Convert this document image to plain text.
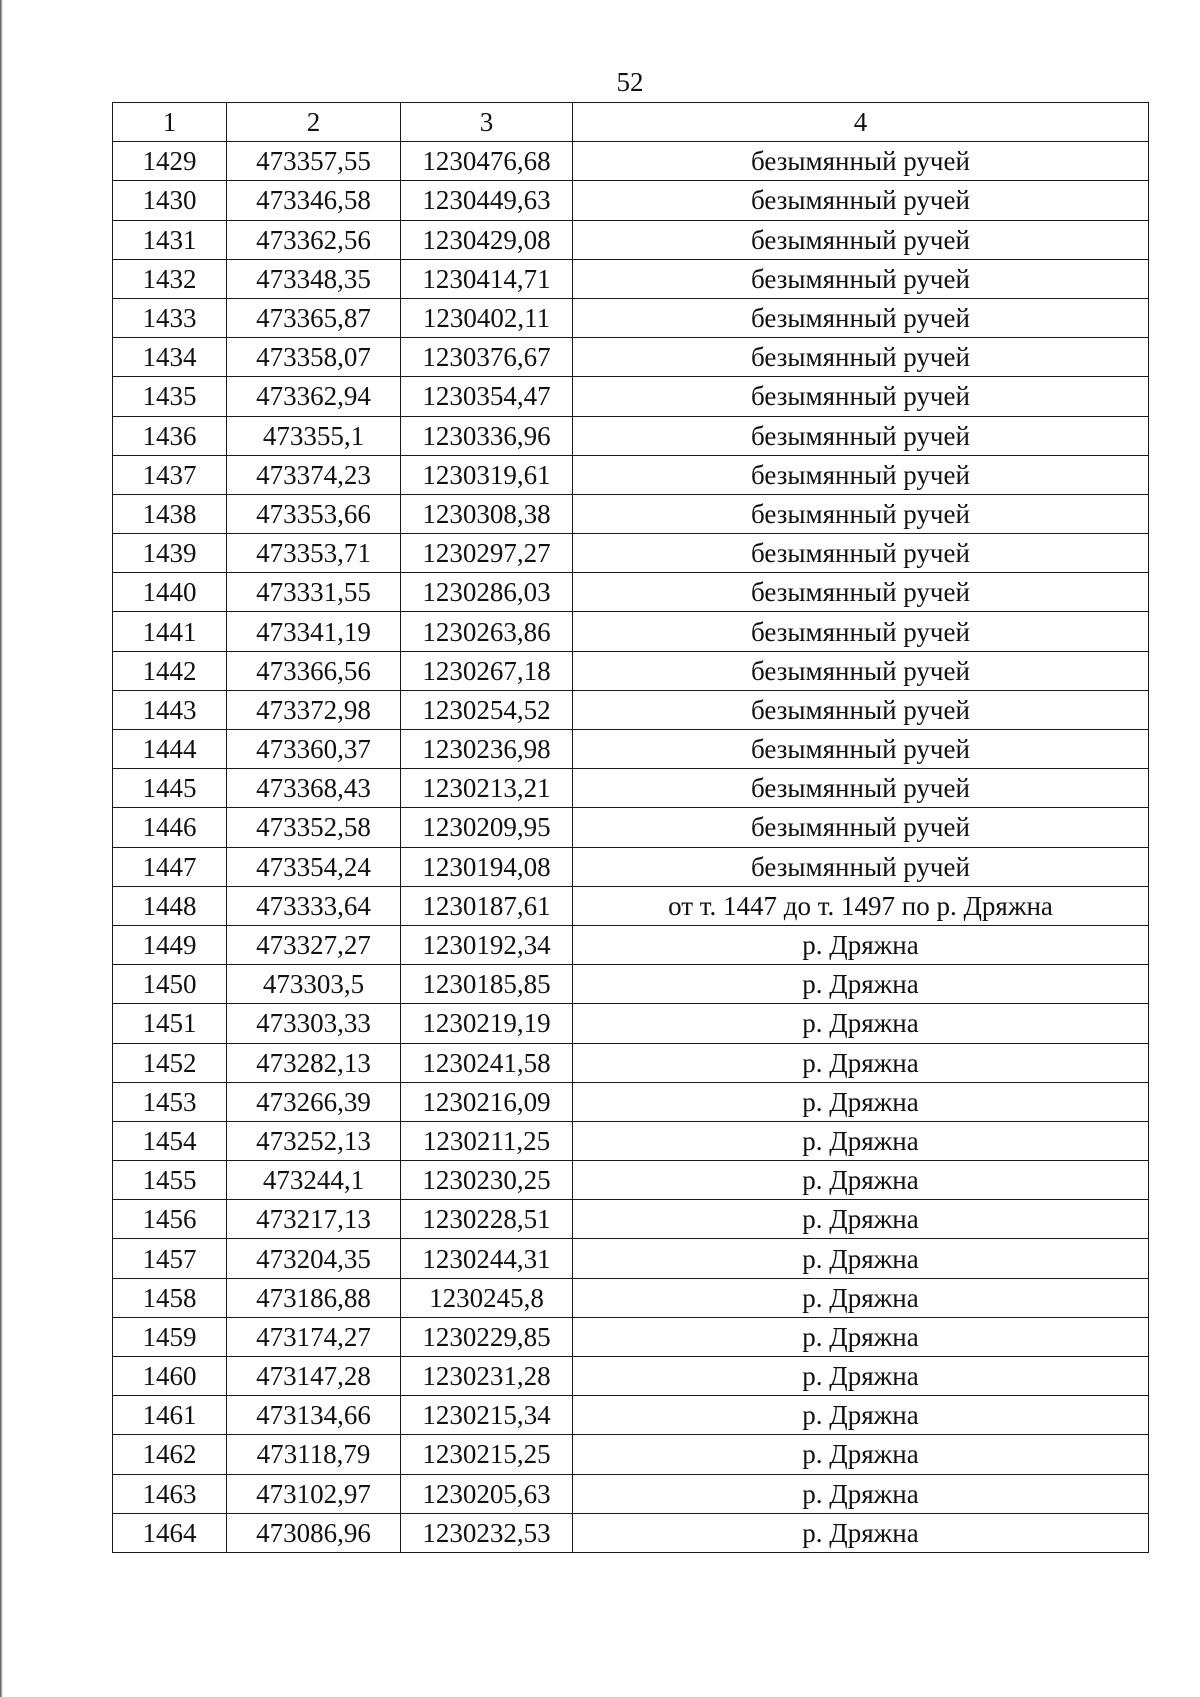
52
1	2	3	4
1429	473357,55	1230476,68	безымянный ручей
1430	473346,58	1230449,63	безымянный ручей
1431	473362,56	1230429,08	безымянный ручей
1432	473348,35	1230414,71	безымянный ручей
1433	473365,87	1230402,11	безымянный ручей
1434	473358,07	1230376,67	безымянный ручей
1435	473362,94	1230354,47	безымянный ручей
1436	473355,1	1230336,96	безымянный ручей
1437	473374,23	1230319,61	безымянный ручей
1438	473353,66	1230308,38	безымянный ручей
1439	473353,71	1230297,27	безымянный ручей
1440	473331,55	1230286,03	безымянный ручей
1441	473341,19	1230263,86	безымянный ручей
1442	473366,56	1230267,18	безымянный ручей
1443	473372,98	1230254,52	безымянный ручей
1444	473360,37	1230236,98	безымянный ручей
1445	473368,43	1230213,21	безымянный ручей
1446	473352,58	1230209,95	безымянный ручей
1447	473354,24	1230194,08	безымянный ручей
1448	473333,64	1230187,61	от т. 1447 до т. 1497 по р. Дряжна
1449	473327,27	1230192,34	р. Дряжна
1450	473303,5	1230185,85	р. Дряжна
1451	473303,33	1230219,19	р. Дряжна
1452	473282,13	1230241,58	р. Дряжна
1453	473266,39	1230216,09	р. Дряжна
1454	473252,13	1230211,25	р. Дряжна
1455	473244,1	1230230,25	р. Дряжна
1456	473217,13	1230228,51	р. Дряжна
1457	473204,35	1230244,31	р. Дряжна
1458	473186,88	1230245,8	р. Дряжна
1459	473174,27	1230229,85	р. Дряжна
1460	473147,28	1230231,28	р. Дряжна
1461	473134,66	1230215,34	р. Дряжна
1462	473118,79	1230215,25	р. Дряжна
1463	473102,97	1230205,63	р. Дряжна
1464	473086,96	1230232,53	р. Дряжна
